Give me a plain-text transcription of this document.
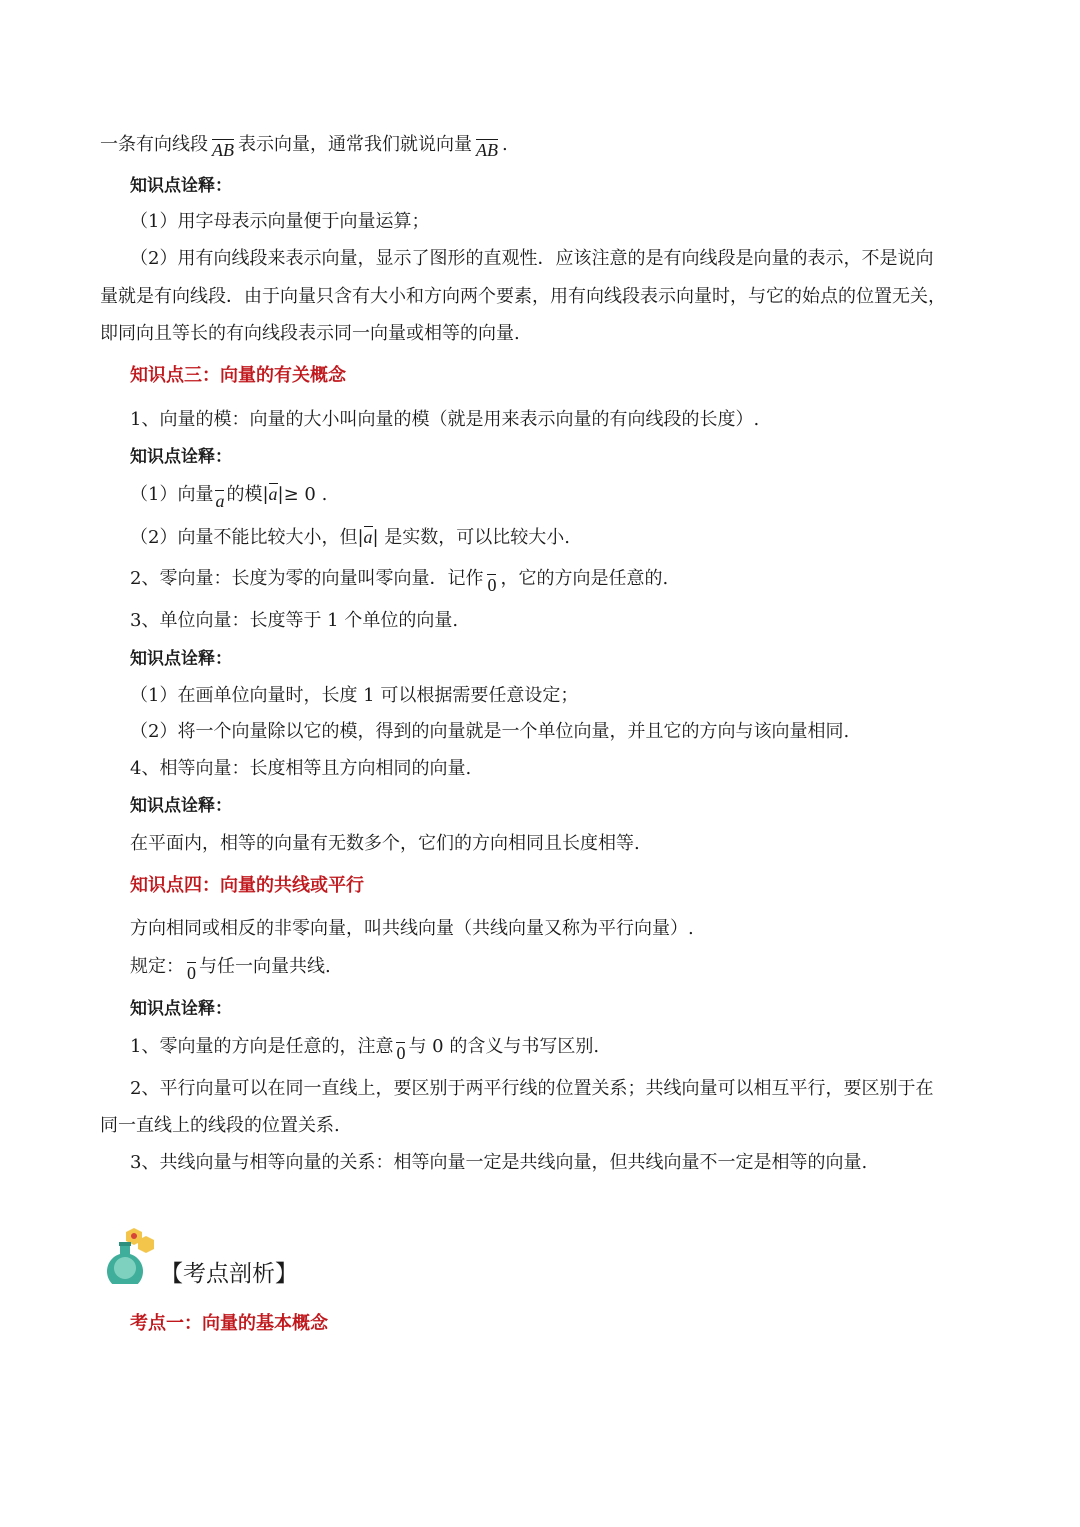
一条有向线段 AB 表示向量，通常我们就说向量 AB .
知识点诠释：
（1）用字母表示向量便于向量运算；
（2）用有向线段来表示向量，显示了图形的直观性．应该注意的是有向线段是向量的表示，不是说向
量就是有向线段．由于向量只含有大小和方向两个要素，用有向线段表示向量时，与它的始点的位置无关，
即同向且等长的有向线段表示同一向量或相等的向量.
知识点三：向量的有关概念
1、向量的模：向量的大小叫向量的模（就是用来表示向量的有向线段的长度）.
知识点诠释：
（1）向量 a 的模|a|≥ 0 .
（2）向量不能比较大小，但|a| 是实数，可以比较大小.
2、零向量：长度为零的向量叫零向量．记作 0 ，它的方向是任意的.
3、单位向量：长度等于 1 个单位的向量.
知识点诠释：
（1）在画单位向量时，长度 1 可以根据需要任意设定；
（2）将一个向量除以它的模，得到的向量就是一个单位向量，并且它的方向与该向量相同.
4、相等向量：长度相等且方向相同的向量.
知识点诠释：
在平面内，相等的向量有无数多个，它们的方向相同且长度相等.
知识点四：向量的共线或平行
方向相同或相反的非零向量，叫共线向量（共线向量又称为平行向量）.
规定： 0 与任一向量共线.
知识点诠释：
1、零向量的方向是任意的，注意 0 与 0 的含义与书写区别.
2、平行向量可以在同一直线上，要区别于两平行线的位置关系；共线向量可以相互平行，要区别于在
同一直线上的线段的位置关系.
3、共线向量与相等向量的关系：相等向量一定是共线向量，但共线向量不一定是相等的向量.
【考点剖析】
考点一：向量的基本概念
